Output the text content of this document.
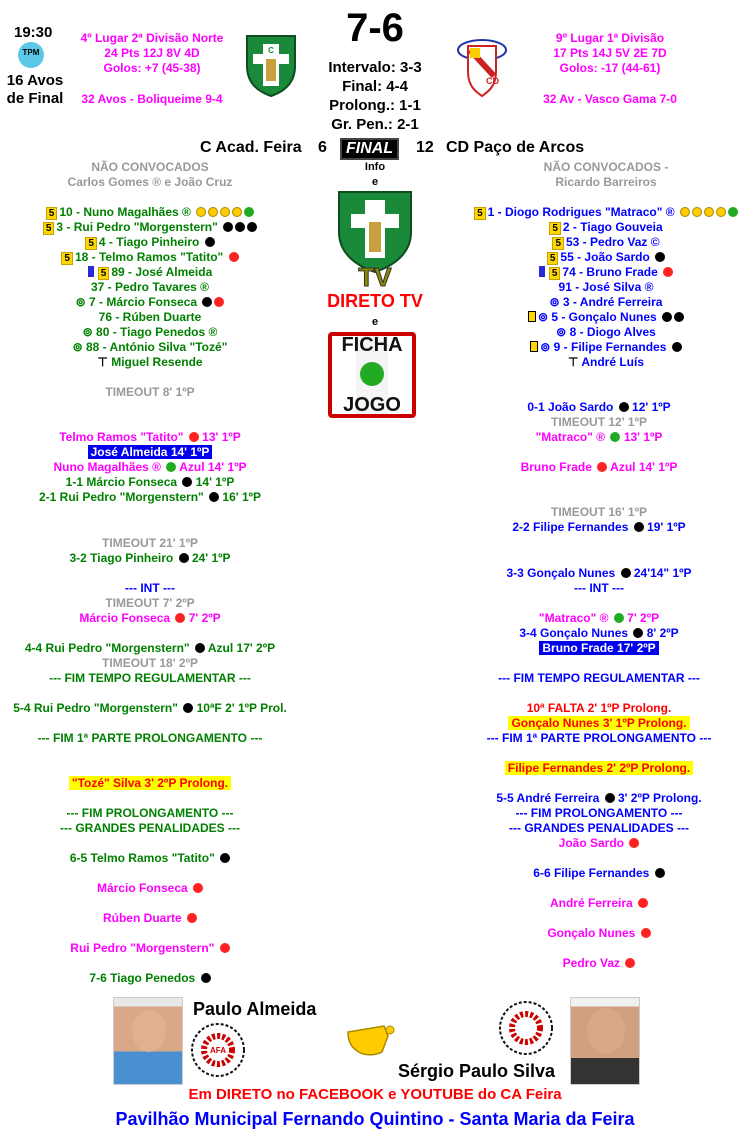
19:30
TPM
16 Avos
de Final
4º Lugar 2ª Divisão Norte
24 Pts 12J 8V 4D
Golos: +7 (45-38)
32 Avos - Boliqueime 9-4
C
7-6
Intervalo: 3-3
Final: 4-4
Prolong.: 1-1
Gr. Pen.: 2-1
CD
9º Lugar 1ª Divisão
17 Pts 14J 5V 2E 7D
Golos: -17 (44-61)
32 Av - Vasco Gama 7-0
C Acad. Feira 6	FINAL	12 CD Paço de Arcos
Info
e
TV
DIRETO TV
e
FICHA
JOGO
NÃO CONVOCADOS
Carlos Gomes ® e João Cruz
5 10 - Nuno Magalhães ®
5 3 - Rui Pedro "Morgenstern"
5 4 - Tiago Pinheiro
5 18 - Telmo Ramos "Tatito"
5 89 - José Almeida
37 - Pedro Tavares ®
⊚ 7 - Márcio Fonseca
76 - Rúben Duarte
⊚ 80 - Tiago Penedos ®
⊚ 88 - António Silva "Tozé"
⊤ Miguel Resende
NÃO CONVOCADOS -
Ricardo Barreiros
5 1 - Diogo Rodrigues "Matraco" ®
5 2 - Tiago Gouveia
5 53 - Pedro Vaz ©
5 55 - João Sardo
5 74 - Bruno Frade
91 - José Silva ®
⊚ 3 - André Ferreira
⊚ 5 - Gonçalo Nunes
⊚ 8 - Diogo Alves
⊚ 9 - Filipe Fernandes
⊤ André Luís
TIMEOUT 8' 1ºP
Telmo Ramos "Tatito"  13' 1ºP
José Almeida 14' 1ºP
Nuno Magalhães ®  Azul 14' 1ºP
1-1 Márcio Fonseca  14' 1ºP
2-1 Rui Pedro "Morgenstern"  16' 1ºP
TIMEOUT 21' 1ºP
3-2 Tiago Pinheiro  24' 1ºP
--- INT ---
TIMEOUT 7' 2ºP
Márcio Fonseca  7' 2ºP
4-4 Rui Pedro "Morgenstern"  Azul 17' 2ºP
TIMEOUT 18' 2ºP
--- FIM TEMPO REGULAMENTAR ---
5-4 Rui Pedro "Morgenstern"  10ªF 2' 1ºP Prol.
--- FIM 1ª PARTE PROLONGAMENTO ---
"Tozé" Silva 3' 2ºP Prolong.
--- FIM PROLONGAMENTO ---
--- GRANDES PENALIDADES ---
6-5 Telmo Ramos "Tatito"
Márcio Fonseca
Rúben Duarte
Rui Pedro "Morgenstern"
7-6 Tiago Penedos
0-1 João Sardo  12' 1ºP
TIMEOUT 12' 1ºP
"Matraco" ®  13' 1ºP
Bruno Frade  Azul 14' 1ºP
TIMEOUT 16' 1ºP
2-2 Filipe Fernandes  19' 1ºP
3-3 Gonçalo Nunes  24'14" 1ºP
--- INT ---
"Matraco" ®  7' 2ºP
3-4 Gonçalo Nunes  8' 2ºP
Bruno Frade 17' 2ºP
--- FIM TEMPO REGULAMENTAR ---
10ª FALTA 2' 1ºP Prolong.
Gonçalo Nunes 3' 1ºP Prolong.
--- FIM 1ª PARTE PROLONGAMENTO ---
Filipe Fernandes 2' 2ºP Prolong.
5-5 André Ferreira  3' 2ºP Prolong.
--- FIM PROLONGAMENTO ---
--- GRANDES PENALIDADES ---
João Sardo
6-6 Filipe Fernandes
André Ferreira
Gonçalo Nunes
Pedro Vaz
AFA
Paulo Almeida
Sérgio Paulo Silva
Em DIRETO no FACEBOOK e YOUTUBE do CA Feira
Pavilhão Municipal Fernando Quintino - Santa Maria da Feira
